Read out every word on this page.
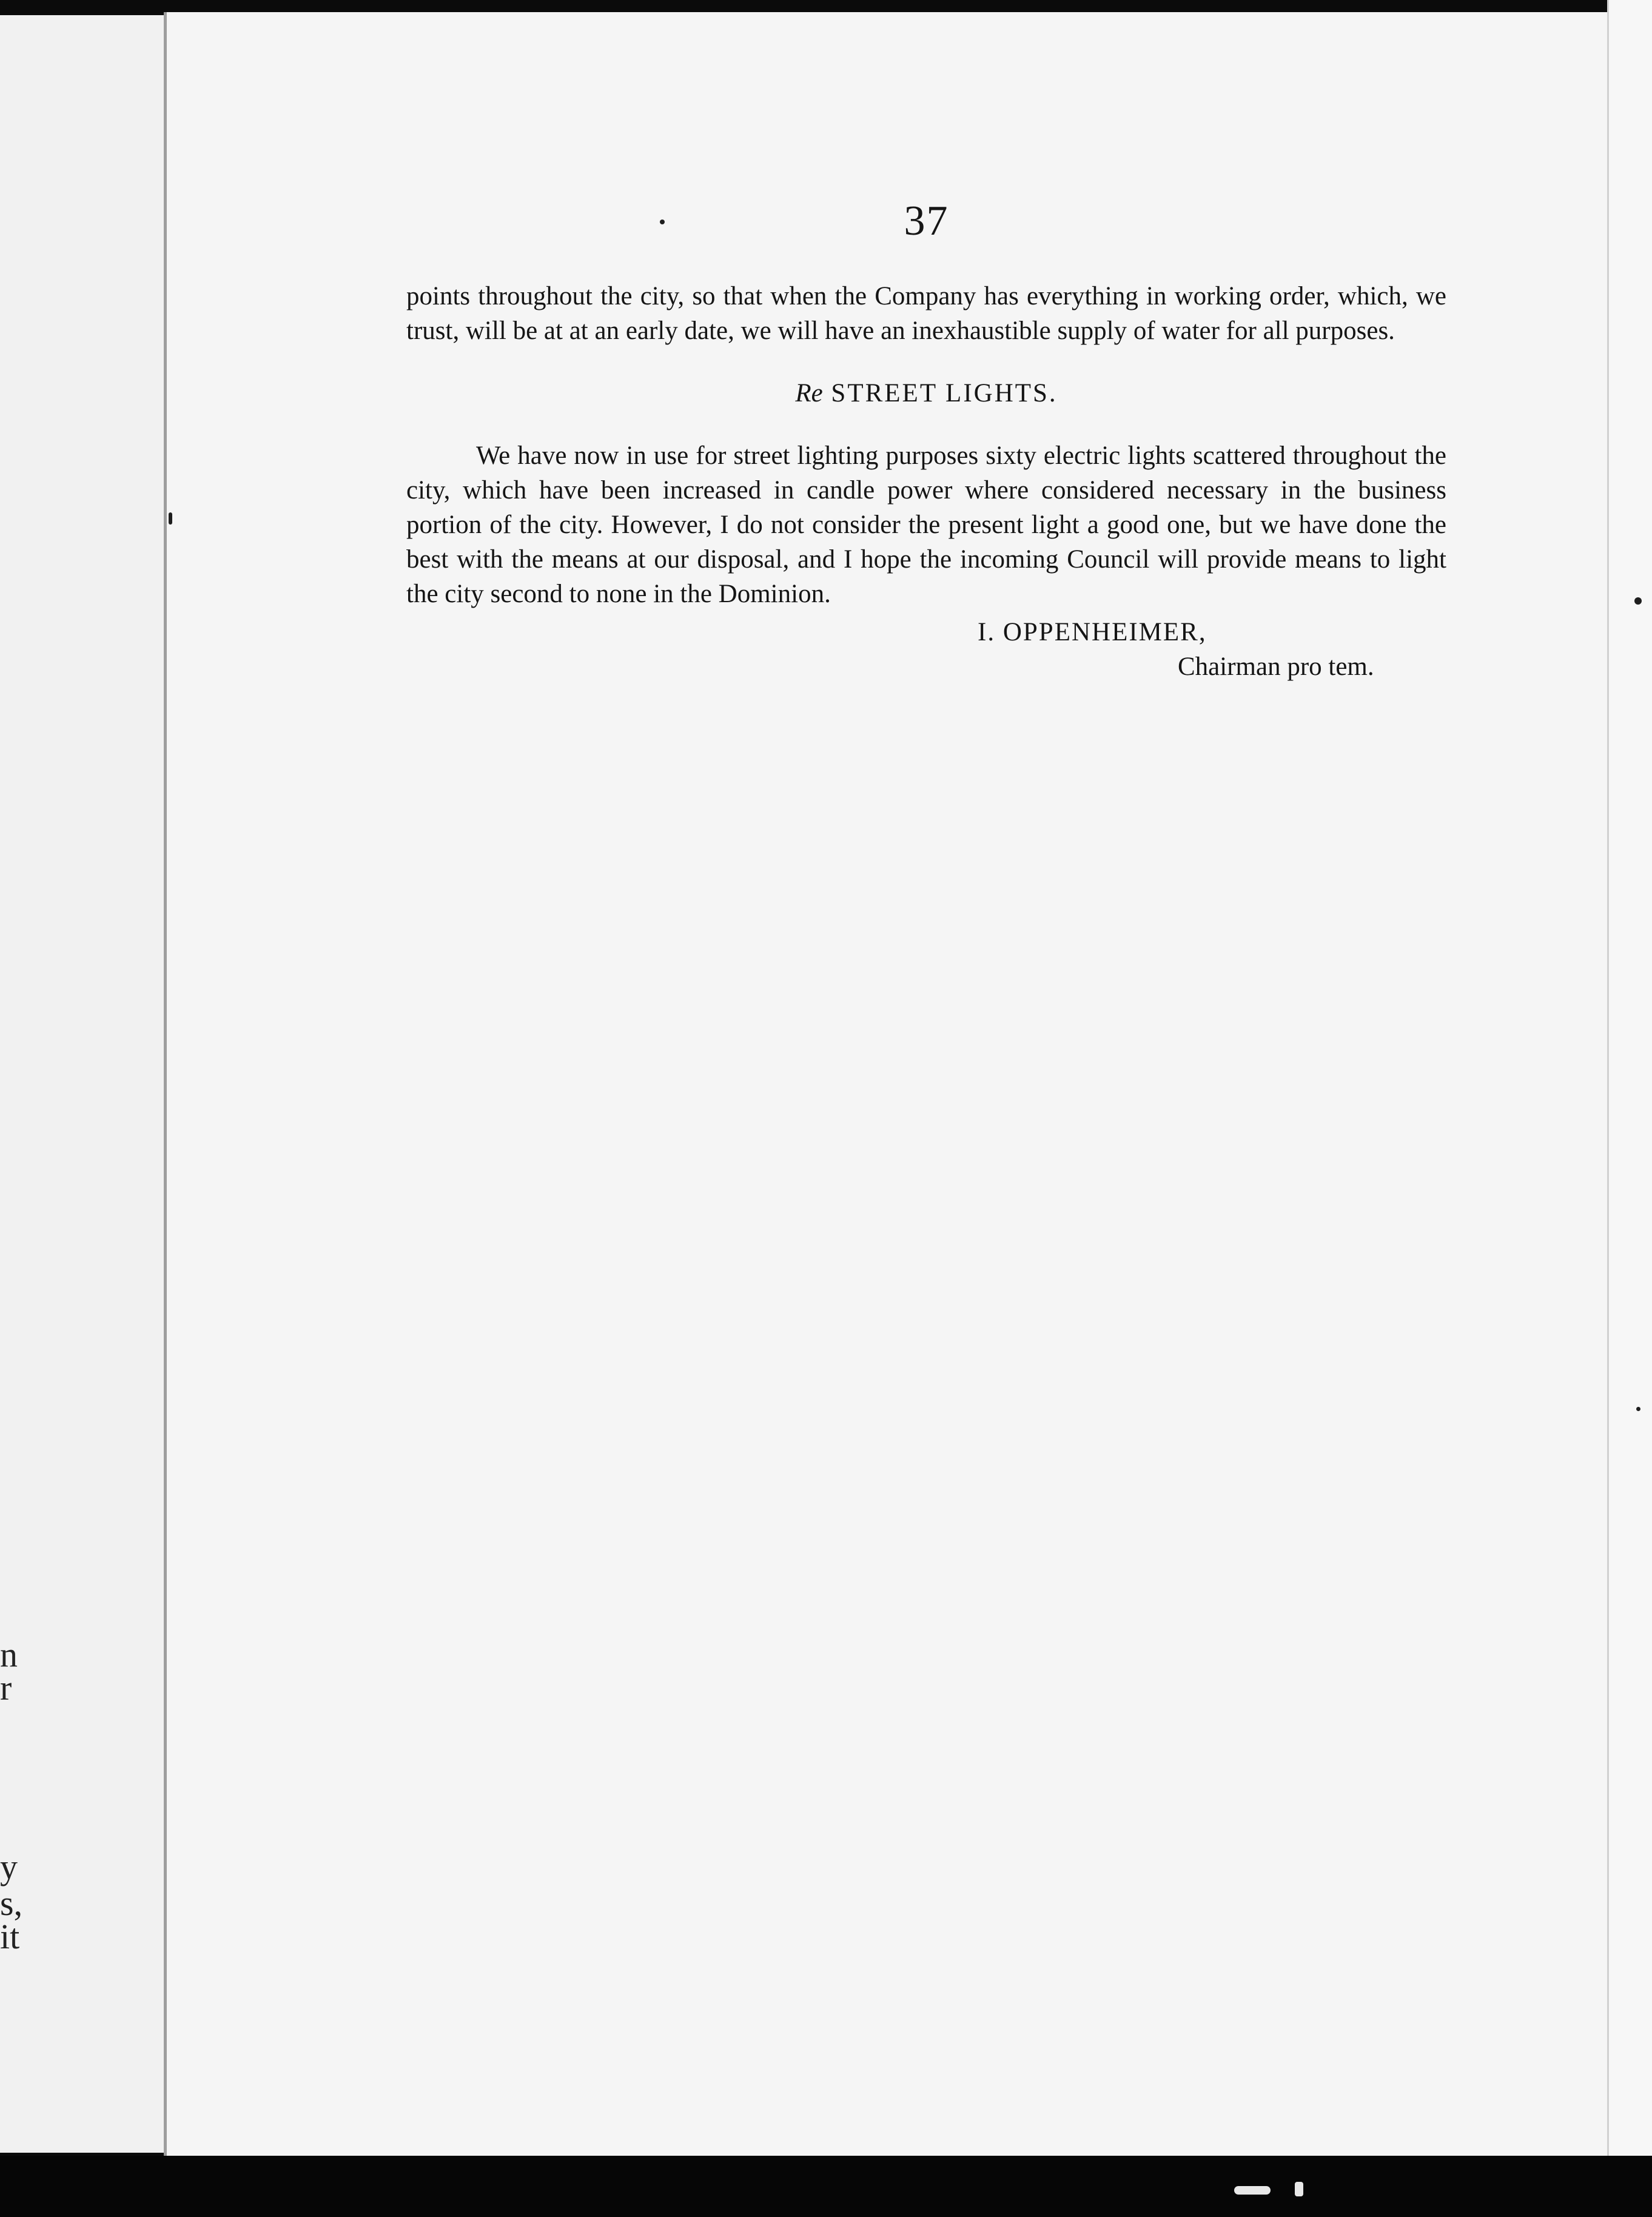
n
r
y
s,
it
37

points throughout the city, so that when the Company has everything in working order, which, we trust, will be at at an early date, we will have an inexhaustible supply of water for all purposes.

Re STREET LIGHTS.

We have now in use for street lighting purposes sixty electric lights scattered throughout the city, which have been increased in candle power where considered necessary in the business portion of the city. However, I do not consider the present light a good one, but we have done the best with the means at our disposal, and I hope the incoming Council will provide means to light the city second to none in the Dominion.

I. OPPENHEIMER,
Chairman pro tem.
